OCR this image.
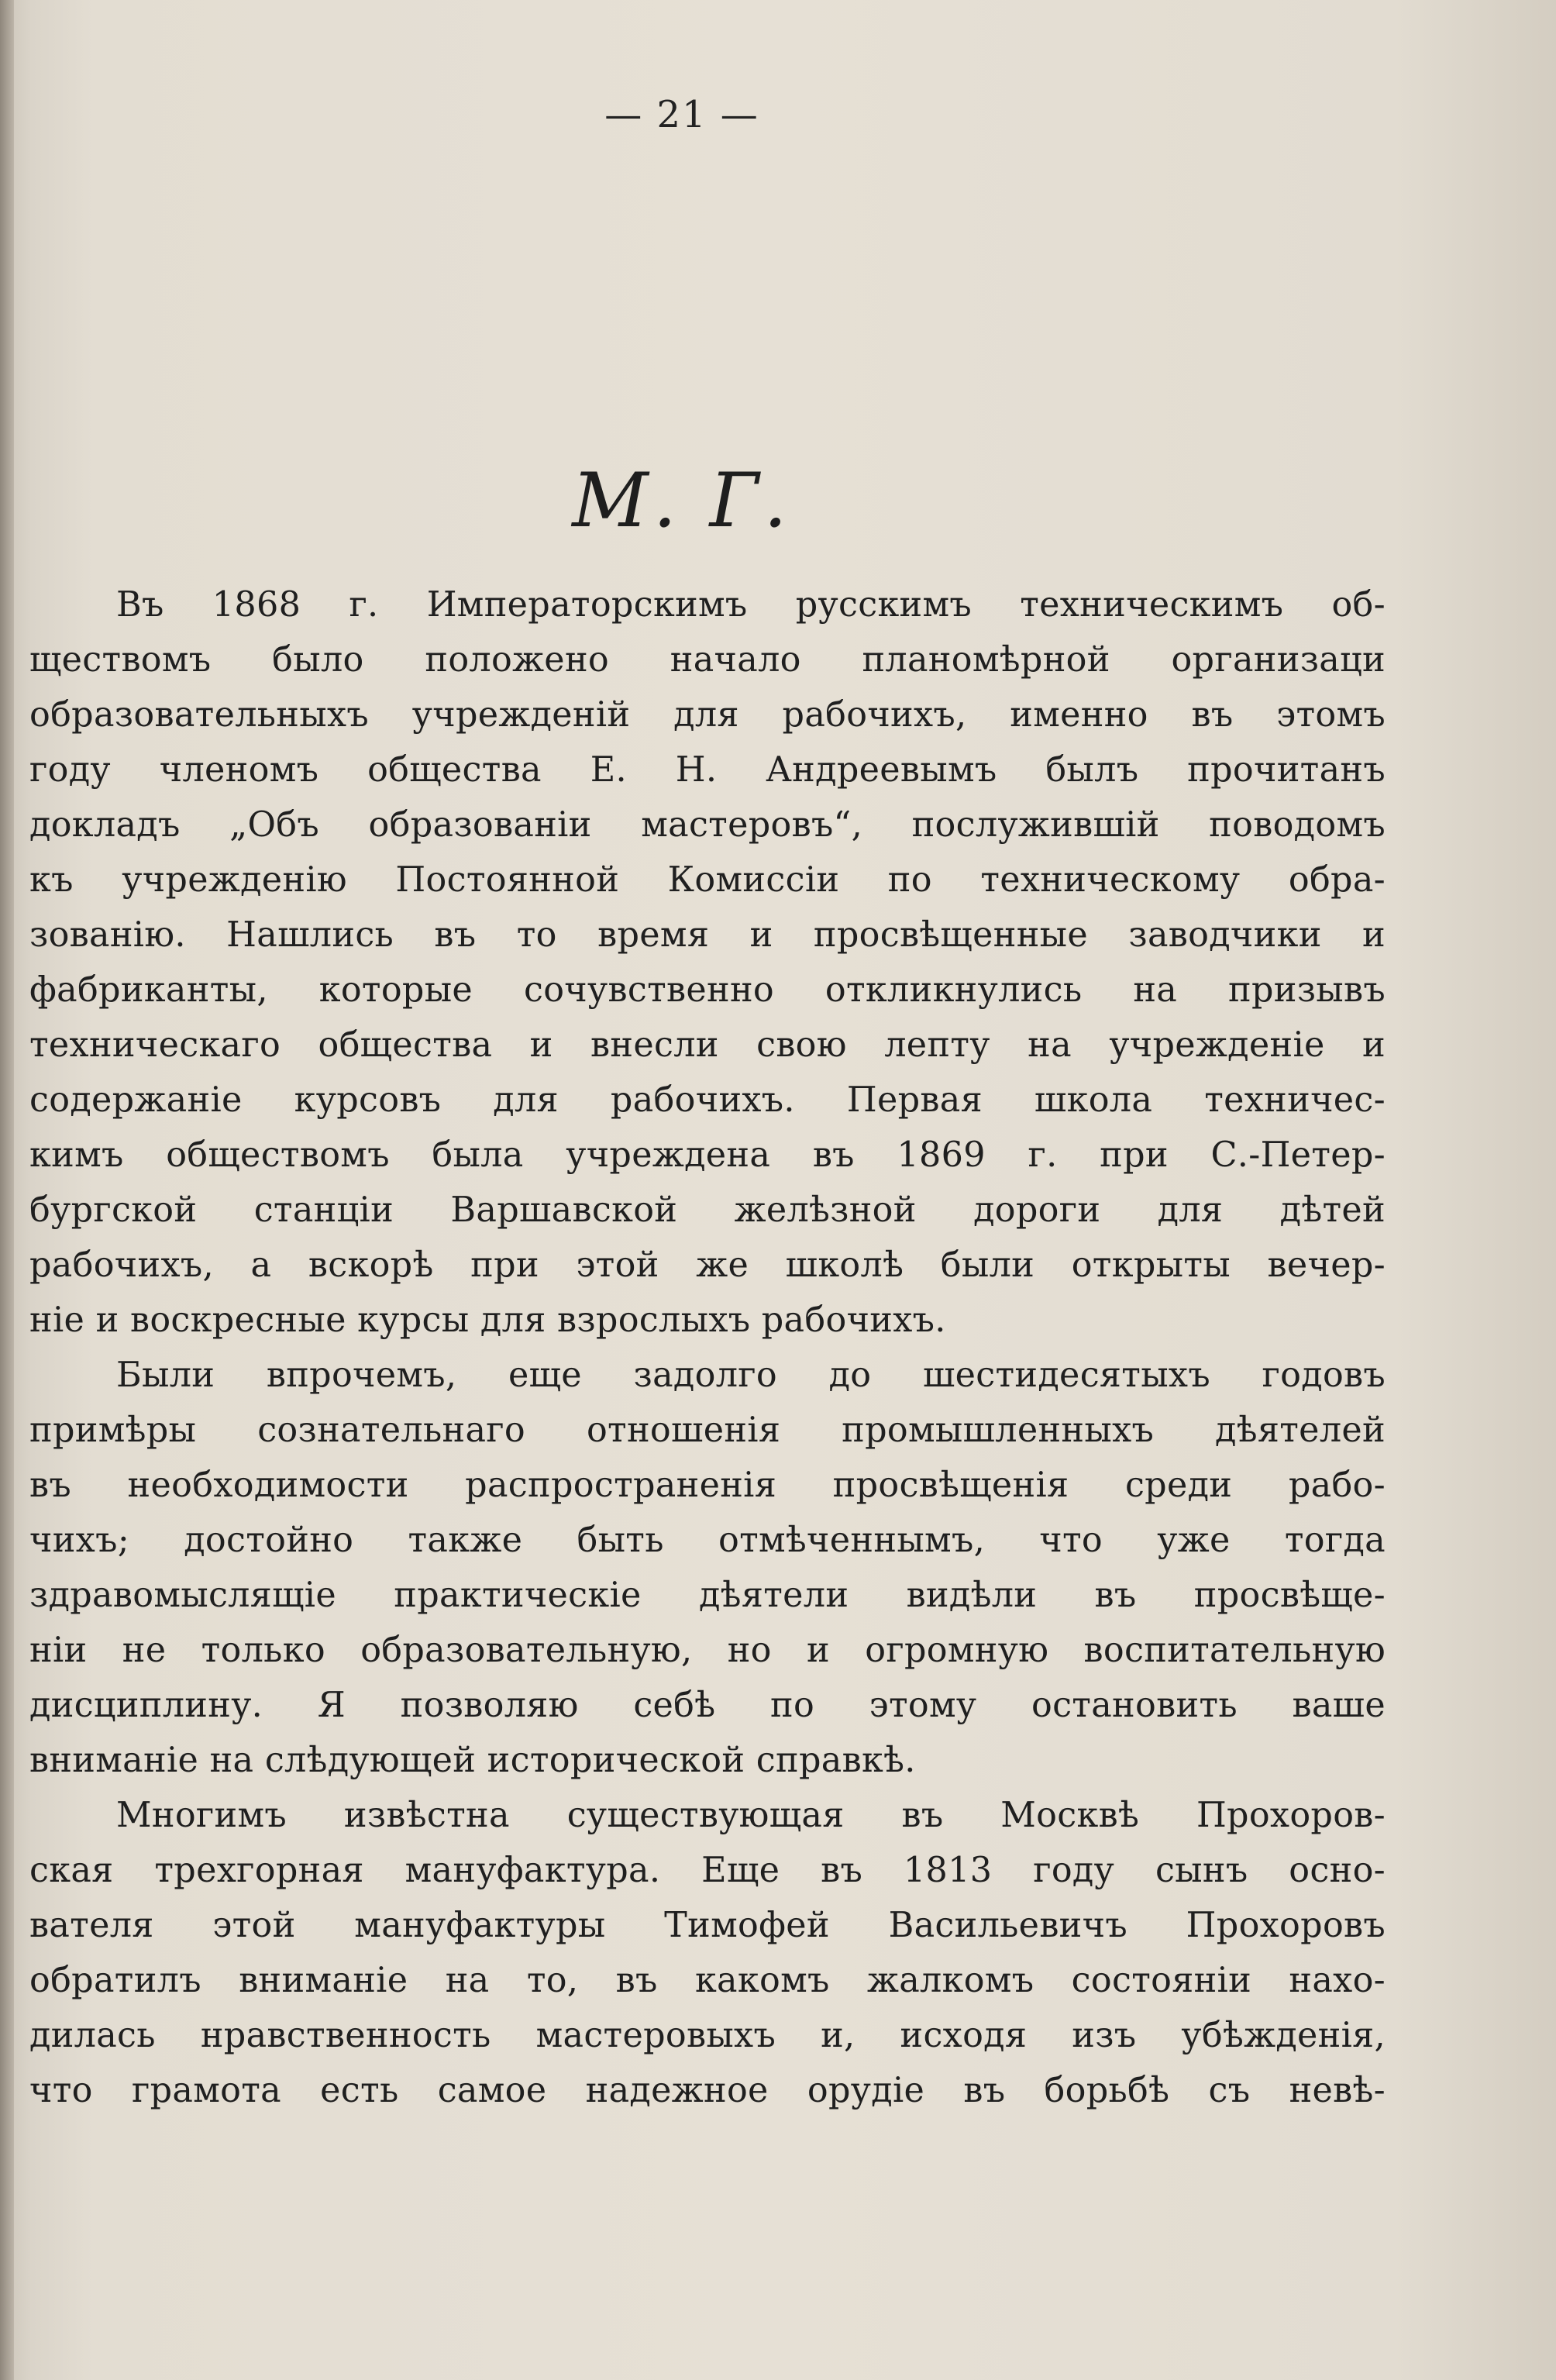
— 21 —
М. Г.
Въ 1868 г. Императорскимъ русскимъ техническимъ об-
ществомъ было положено начало планомѣрной организаци
образовательныхъ учрежденій для рабочихъ, именно въ этомъ
году членомъ общества Е. Н. Андреевымъ былъ прочитанъ
докладъ „Объ образованіи мастеровъ“, послужившій поводомъ
къ учрежденію Постоянной Комиссіи по техническому обра-
зованію. Нашлись въ то время и просвѣщенные заводчики и
фабриканты, которые сочувственно откликнулись на призывъ
техническаго общества и внесли свою лепту на учрежденіе и
содержаніе курсовъ для рабочихъ. Первая школа техничес-
кимъ обществомъ была учреждена въ 1869 г. при С.-Петер-
бургской станціи Варшавской желѣзной дороги для дѣтей
рабочихъ, а вскорѣ при этой же школѣ были открыты вечер-
ніе и воскресные курсы для взрослыхъ рабочихъ.
Были впрочемъ, еще задолго до шестидесятыхъ годовъ
примѣры сознательнаго отношенія промышленныхъ дѣятелей
въ необходимости распространенія просвѣщенія среди рабо-
чихъ; достойно также быть отмѣченнымъ, что уже тогда
здравомыслящіе практическіе дѣятели видѣли въ просвѣще-
ніи не только образовательную, но и огромную воспитательную
дисциплину. Я позволяю себѣ по этому остановить ваше
вниманіе на слѣдующей исторической справкѣ.
Многимъ извѣстна существующая въ Москвѣ Прохоров-
ская трехгорная мануфактура. Еще въ 1813 году сынъ осно-
вателя этой мануфактуры Тимофей Васильевичъ Прохоровъ
обратилъ вниманіе на то, въ какомъ жалкомъ состояніи нахо-
дилась нравственность мастеровыхъ и, исходя изъ убѣжденія,
что грамота есть самое надежное орудіе въ борьбѣ съ невѣ-
